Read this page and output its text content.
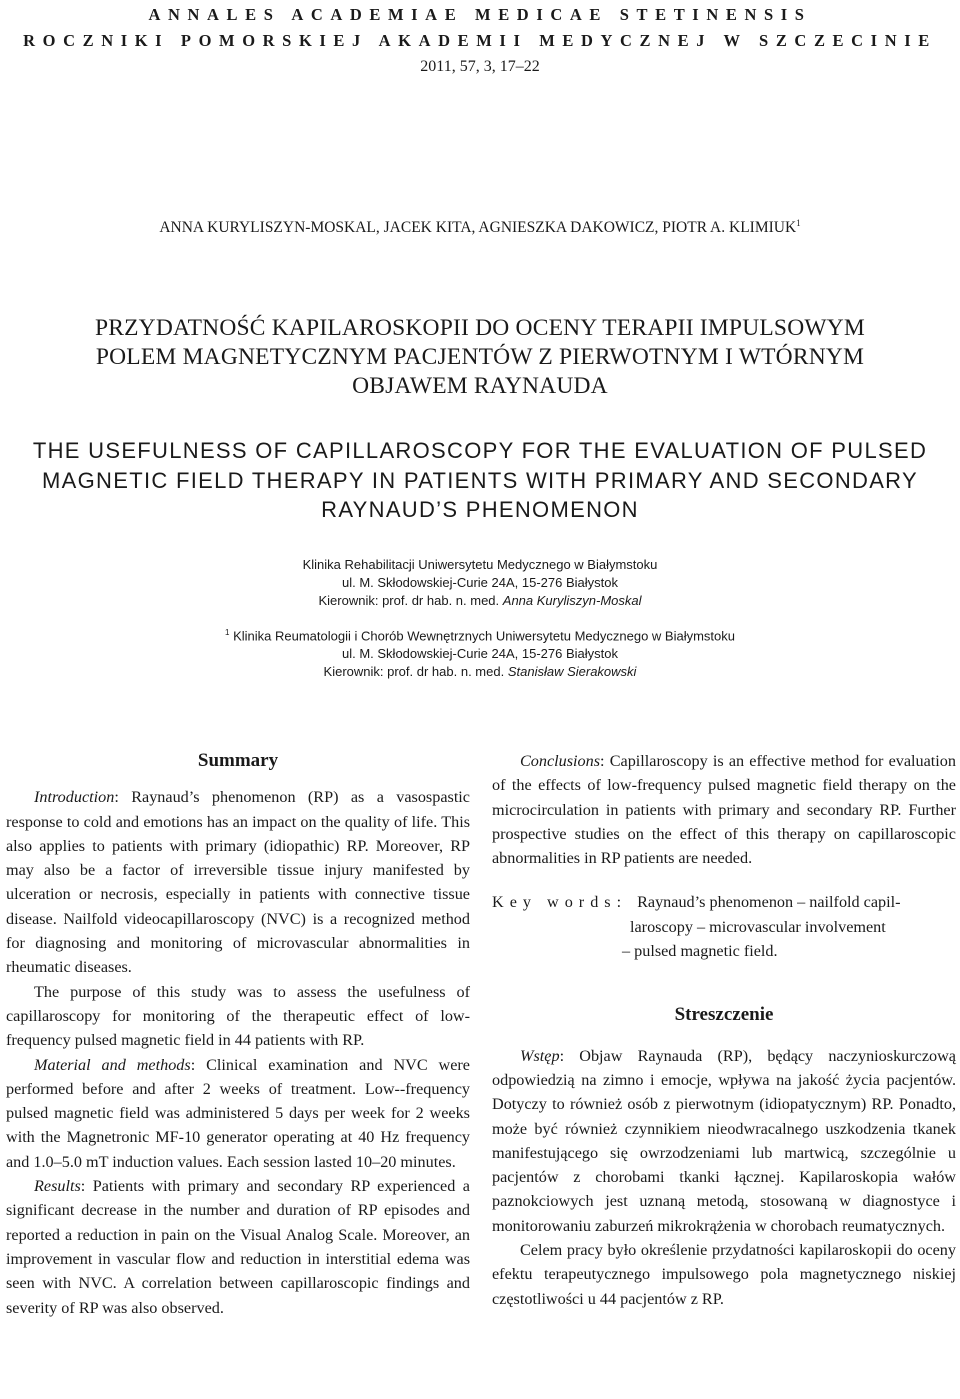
ANNALES ACADEMIAE MEDICAE STETINENSIS
ROCZNIKI POMORSKIEJ AKADEMII MEDYCZNEJ W SZCZECINIE
2011, 57, 3, 17–22
ANNA KURYLISZYN-MOSKAL, JACEK KITA, AGNIESZKA DAKOWICZ, PIOTR A. KLIMIUK$^1$
PRZYDATNOŚĆ KAPILAROSKOPII DO OCENY TERAPII IMPULSOWYM
POLEM MAGNETYCZNYM PACJENTÓW Z PIERWOTNYM I WTÓRNYM
OBJAWEM RAYNAUDA
THE USEFULNESS OF CAPILLAROSCOPY FOR THE EVALUATION OF PULSED
MAGNETIC FIELD THERAPY IN PATIENTS WITH PRIMARY AND SECONDARY
RAYNAUD’S PHENOMENON
Klinika Rehabilitacji Uniwersytetu Medycznego w Białymstoku
ul. M. Skłodowskiej-Curie 24A, 15-276 Białystok
Kierownik: prof. dr hab. n. med. Anna Kuryliszyn-Moskal
$^1$ Klinika Reumatologii i Chorób Wewnętrznych Uniwersytetu Medycznego w Białymstoku
ul. M. Skłodowskiej-Curie 24A, 15-276 Białystok
Kierownik: prof. dr hab. n. med. Stanisław Sierakowski
Summary

Introduction: Raynaud’s phenomenon (RP) as a vasospastic response to cold and emotions has an impact on the quality of life. This also applies to patients with primary (idiopathic) RP. Moreover, RP may also be a factor of irreversible tissue injury manifested by ulceration or necrosis, especially in patients with connective tissue disease. Nailfold videocapillaroscopy (NVC) is a recognized method for diagnosing and monitoring of microvascular abnormalities in rheumatic diseases.

The purpose of this study was to assess the usefulness of capillaroscopy for monitoring of the therapeutic effect of low-frequency pulsed magnetic field in 44 patients with RP.

Material and methods: Clinical examination and NVC were performed before and after 2 weeks of treatment. Low--frequency pulsed magnetic field was administered 5 days per week for 2 weeks with the Magnetronic MF-10 generator operating at 40 Hz frequency and 1.0–5.0 mT induction values. Each session lasted 10–20 minutes.

Results: Patients with primary and secondary RP experienced a significant decrease in the number and duration of RP episodes and reported a reduction in pain on the Visual Analog Scale. Moreover, an improvement in vascular flow and reduction in interstitial edema was seen with NVC. A correlation between capillaroscopic findings and severity of RP was also observed.

Conclusions: Capillaroscopy is an effective method for evaluation of the effects of low-frequency pulsed magnetic field therapy on the microcirculation in patients with primary and secondary RP. Further prospective studies on the effect of this therapy on capillaroscopic abnormalities in RP patients are needed.

Key words: Raynaud’s phenomenon – nailfold capil-
laroscopy – microvascular involvement
– pulsed magnetic field.
Streszczenie

Wstęp: Objaw Raynauda (RP), będący naczynioskurczową odpowiedzią na zimno i emocje, wpływa na jakość życia pacjentów. Dotyczy to również osób z pierwotnym (idiopatycznym) RP. Ponadto, może być również czynnikiem nieodwracalnego uszkodzenia tkanek manifestującego się owrzodzeniami lub martwicą, szczególnie u pacjentów z chorobami tkanki łącznej. Kapilaroskopia wałów paznokciowych jest uznaną metodą, stosowaną w diagnostyce i monitorowaniu zaburzeń mikrokrążenia w chorobach reumatycznych.

Celem pracy było określenie przydatności kapilaroskopii do oceny efektu terapeutycznego impulsowego pola magnetycznego niskiej częstotliwości u 44 pacjentów z RP.
